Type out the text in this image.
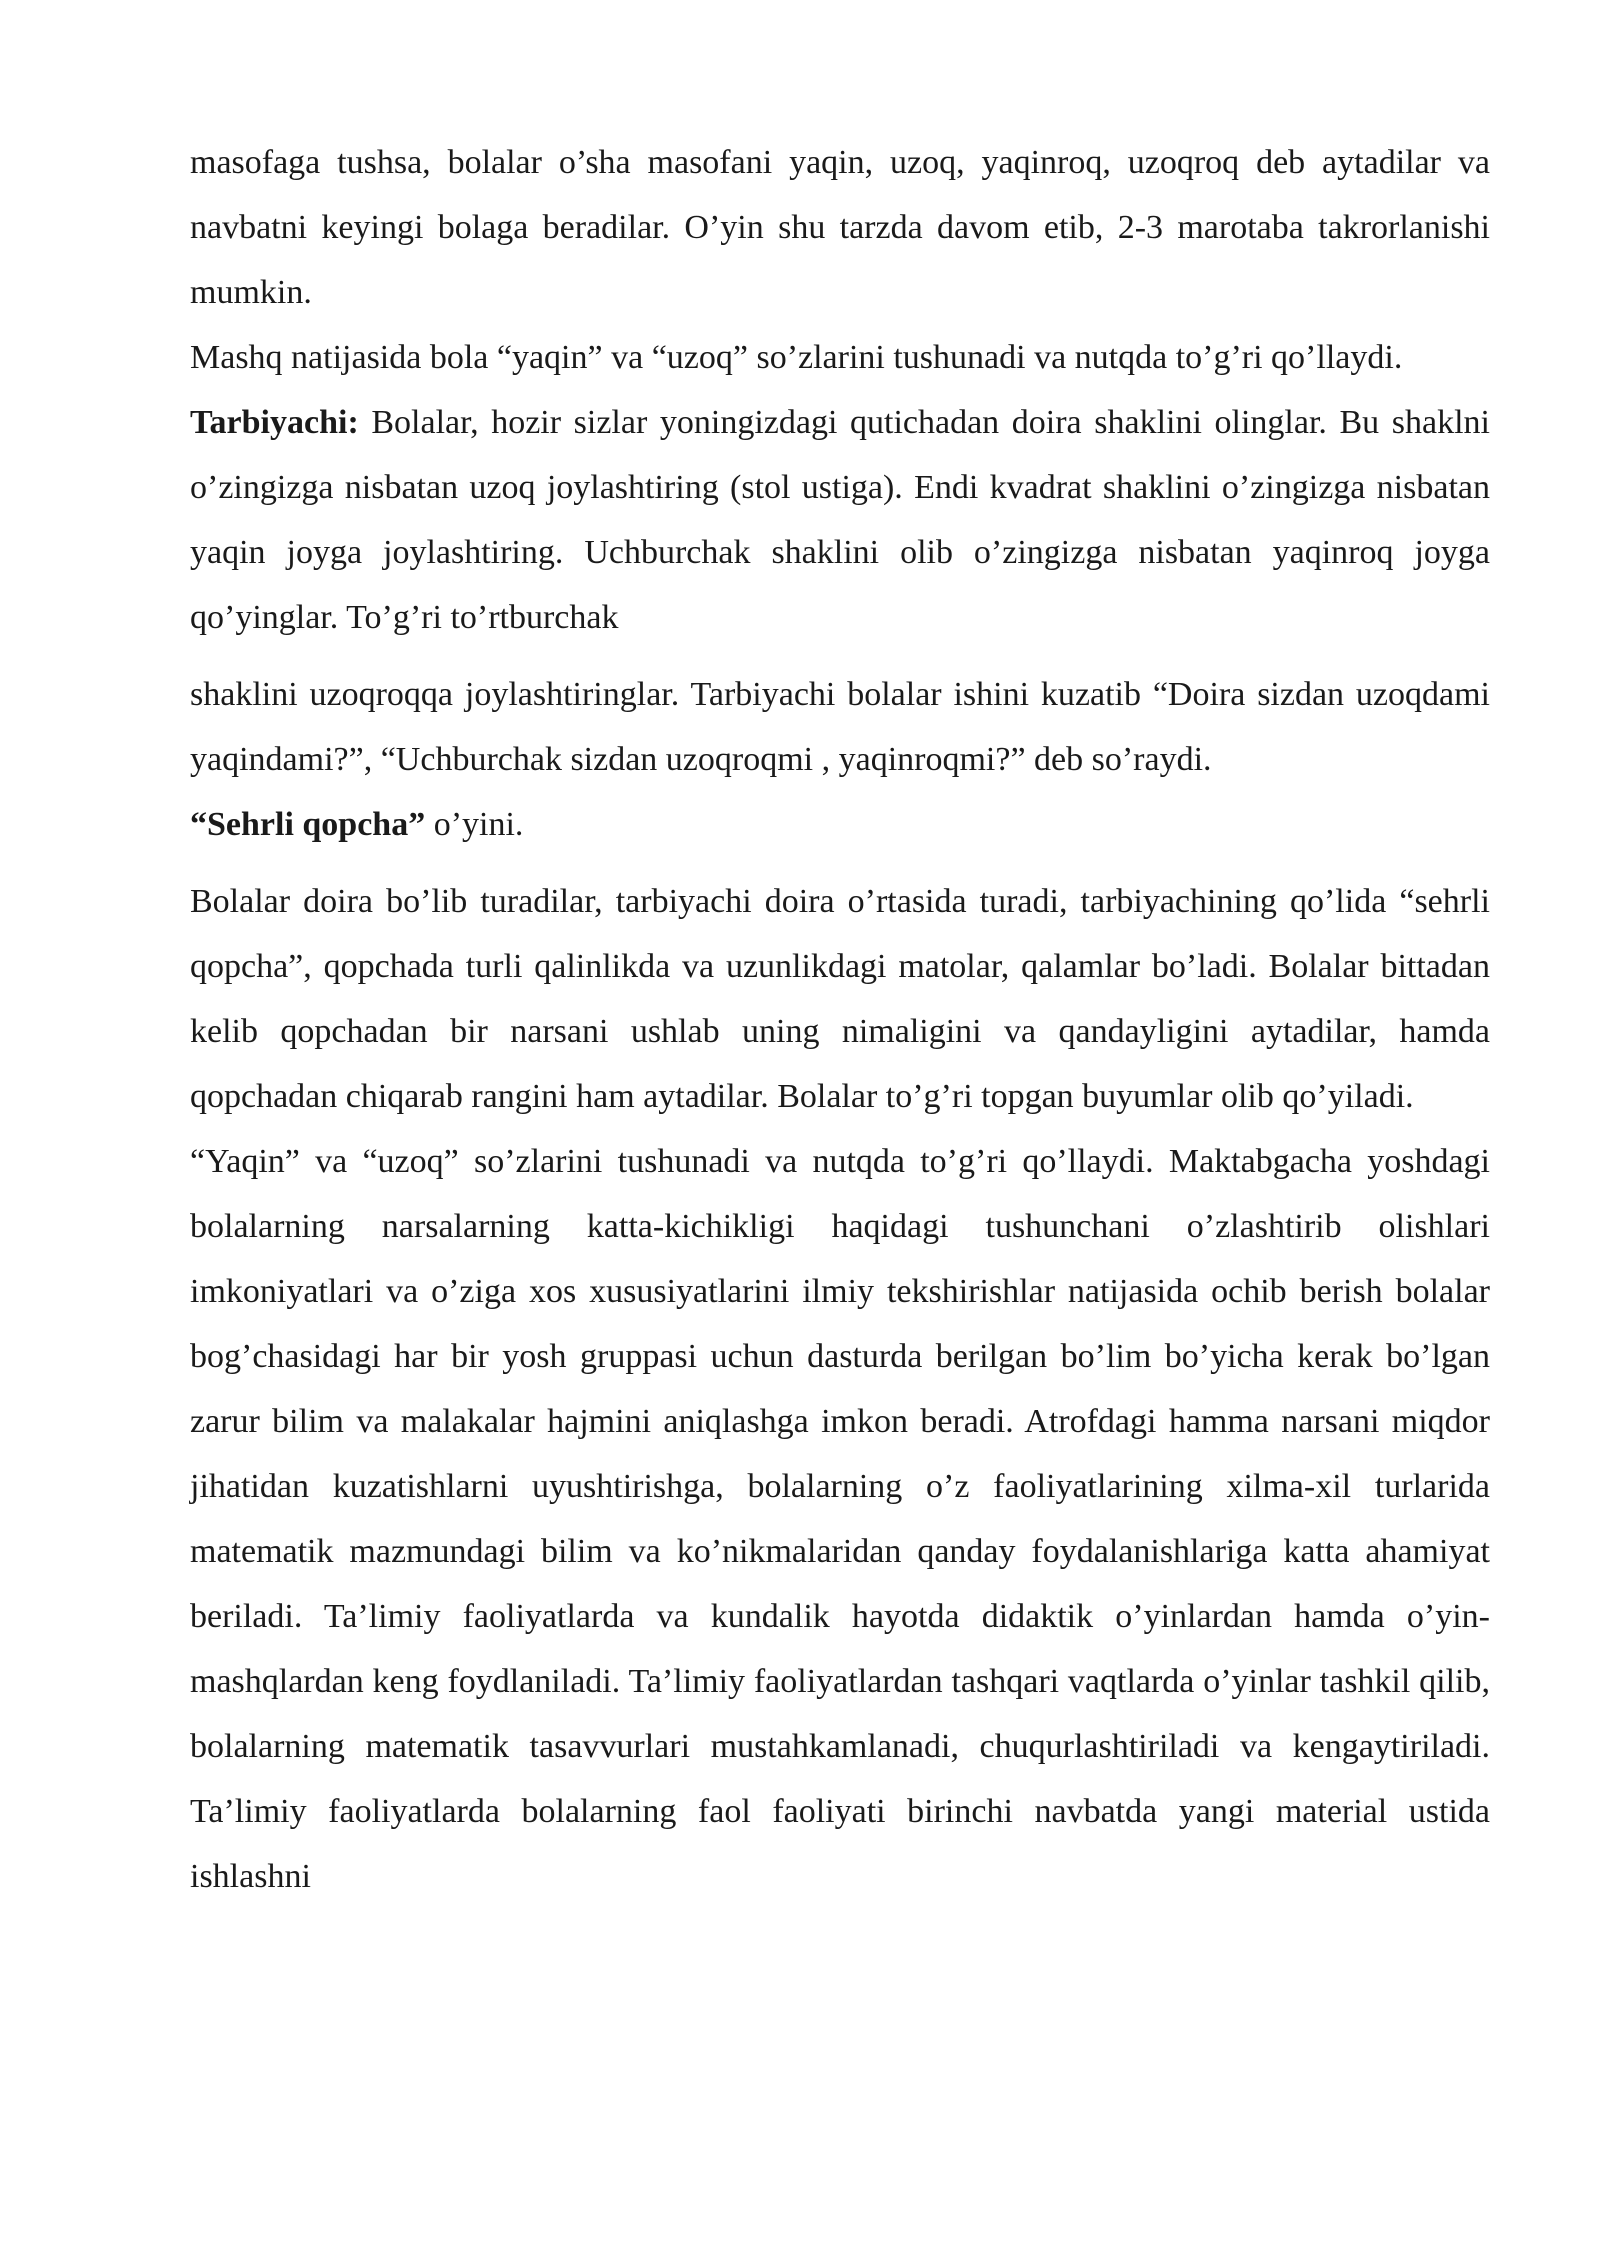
masofaga tushsa, bolalar o’sha masofani yaqin, uzoq, yaqinroq, uzoqroq deb aytadilar va navbatni keyingi bolaga beradilar. O’yin shu tarzda davom etib, 2-3 marotaba takrorlanishi mumkin.

Mashq natijasida bola “yaqin” va “uzoq” so’zlarini tushunadi va nutqda to’g’ri qo’llaydi.

Tarbiyachi: Bolalar, hozir sizlar yoningizdagi qutichadan doira shaklini olinglar. Bu shaklni o’zingizga nisbatan uzoq joylashtiring (stol ustiga). Endi kvadrat shaklini o’zingizga nisbatan yaqin joyga joylashtiring. Uchburchak shaklini olib o’zingizga nisbatan yaqinroq joyga qo’yinglar. To’g’ri to’rtburchak

shaklini uzoqroqqa joylashtiringlar. Tarbiyachi bolalar ishini kuzatib “Doira sizdan uzoqdami yaqindami?”, “Uchburchak sizdan uzoqroqmi , yaqinroqmi?” deb so’raydi.

“Sehrli qopcha” o’yini.

Bolalar doira bo’lib turadilar, tarbiyachi doira o’rtasida turadi, tarbiyachining qo’lida “sehrli qopcha”, qopchada turli qalinlikda va uzunlikdagi matolar, qalamlar bo’ladi. Bolalar bittadan kelib qopchadan bir narsani ushlab uning nimaligini va qandayligini aytadilar, hamda qopchadan chiqarab rangini ham aytadilar. Bolalar to’g’ri topgan buyumlar olib qo’yiladi.

“Yaqin” va “uzoq” so’zlarini tushunadi va nutqda to’g’ri qo’llaydi. Maktabgacha yoshdagi bolalarning narsalarning katta-kichikligi haqidagi tushunchani o’zlashtirib olishlari imkoniyatlari va o’ziga xos xususiyatlarini ilmiy tekshirishlar natijasida ochib berish bolalar bog’chasidagi har bir yosh gruppasi uchun dasturda berilgan bo’lim bo’yicha kerak bo’lgan zarur bilim va malakalar hajmini aniqlashga imkon beradi. Atrofdagi hamma narsani miqdor jihatidan kuzatishlarni uyushtirishga, bolalarning o’z faoliyatlarining xilma-xil turlarida matematik mazmundagi bilim va ko’nikmalaridan qanday foydalanishlariga katta ahamiyat beriladi. Ta’limiy faoliyatlarda va kundalik hayotda didaktik o’yinlardan hamda o’yin-mashqlardan keng foydlaniladi. Ta’limiy faoliyatlardan tashqari vaqtlarda o’yinlar tashkil qilib, bolalarning matematik tasavvurlari mustahkamlanadi, chuqurlashtiriladi va kengaytiriladi. Ta’limiy faoliyatlarda bolalarning faol faoliyati birinchi navbatda yangi material ustida ishlashni
